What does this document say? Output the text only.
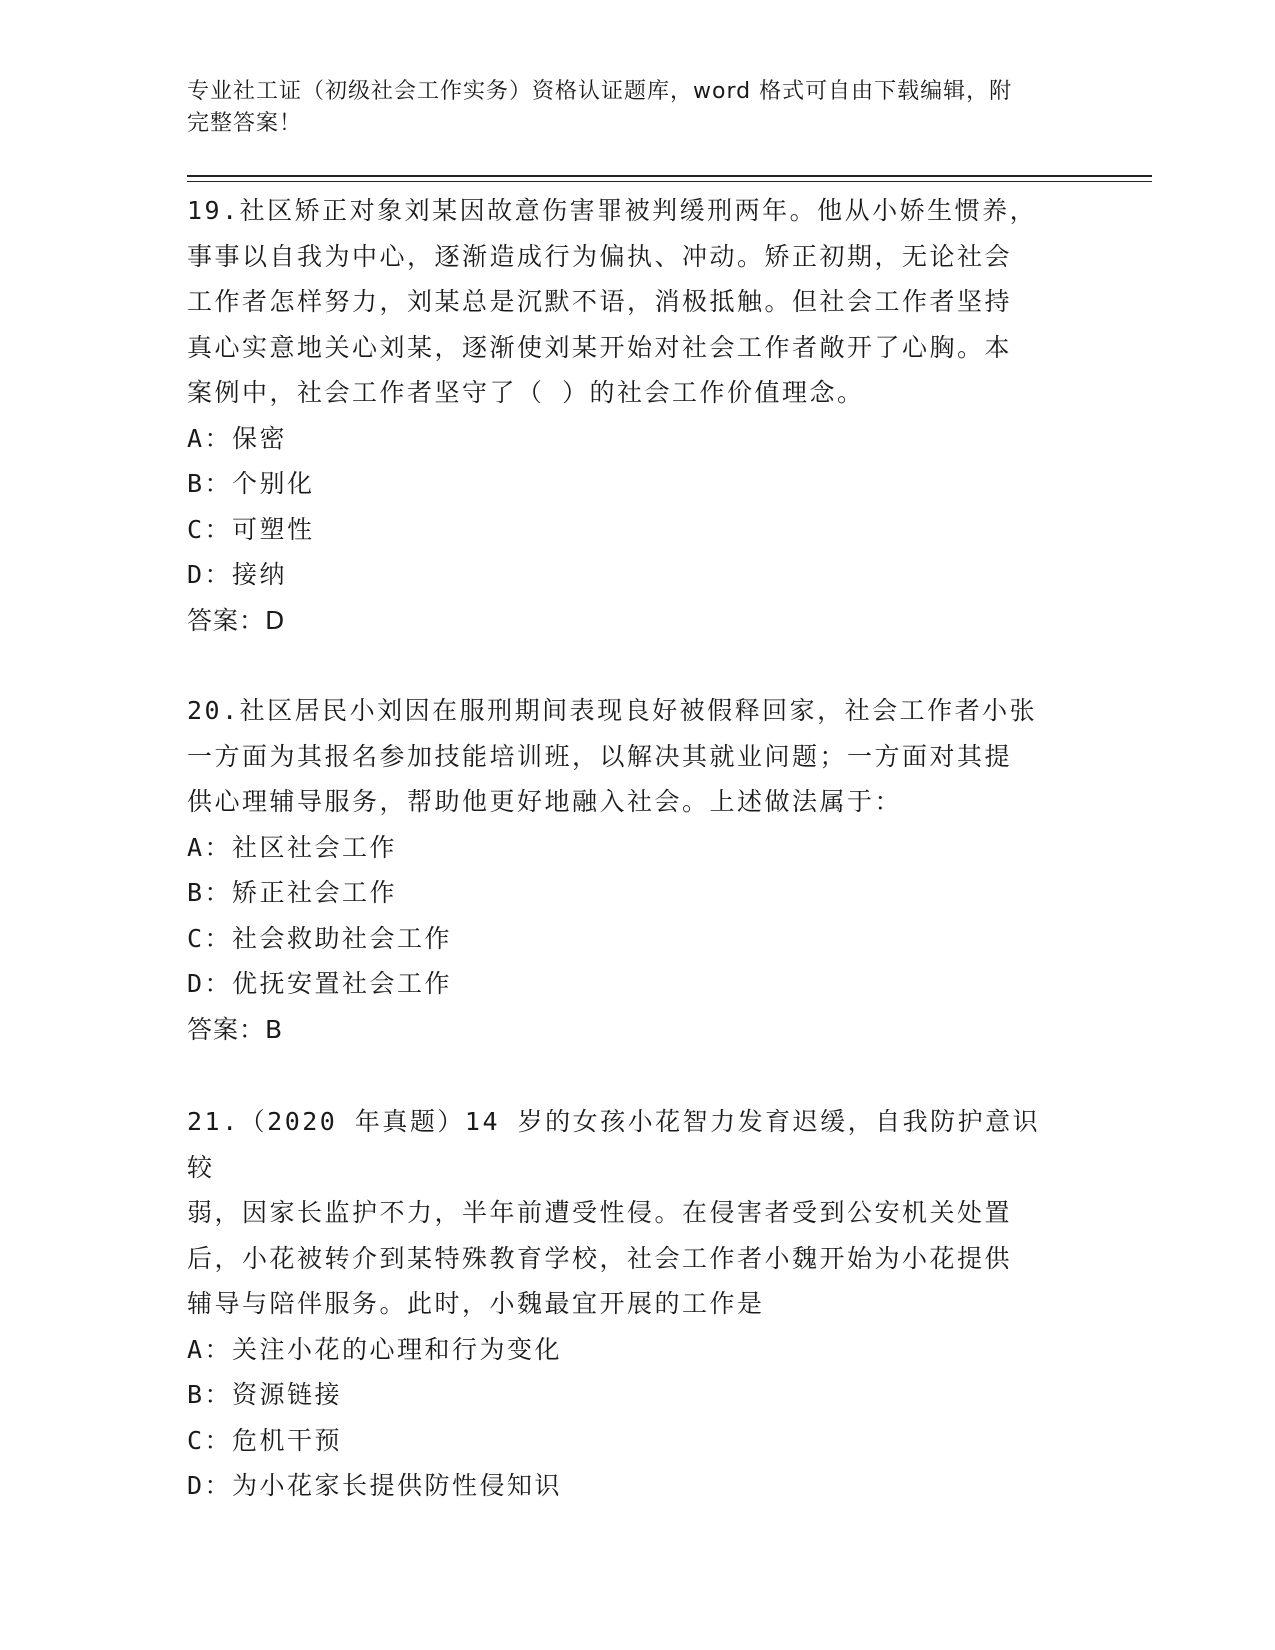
专业社工证（初级社会工作实务）资格认证题库，word 格式可自由下载编辑，附
完整答案！
19.社区矫正对象刘某因故意伤害罪被判缓刑两年。他从小娇生惯养，
事事以自我为中心，逐渐造成行为偏执、冲动。矫正初期，无论社会
工作者怎样努力，刘某总是沉默不语，消极抵触。但社会工作者坚持
真心实意地关心刘某，逐渐使刘某开始对社会工作者敞开了心胸。本
案例中，社会工作者坚守了（ ）的社会工作价值理念。
A：保密
B：个别化
C：可塑性
D：接纳
答案：D
20.社区居民小刘因在服刑期间表现良好被假释回家，社会工作者小张
一方面为其报名参加技能培训班，以解决其就业问题；一方面对其提
供心理辅导服务，帮助他更好地融入社会。上述做法属于：
A：社区社会工作
B：矫正社会工作
C：社会救助社会工作
D：优抚安置社会工作
答案：B
21.（2020 年真题）14 岁的女孩小花智力发育迟缓，自我防护意识较
弱，因家长监护不力，半年前遭受性侵。在侵害者受到公安机关处置
后，小花被转介到某特殊教育学校，社会工作者小魏开始为小花提供
辅导与陪伴服务。此时，小魏最宜开展的工作是
A：关注小花的心理和行为变化
B：资源链接
C：危机干预
D：为小花家长提供防性侵知识
